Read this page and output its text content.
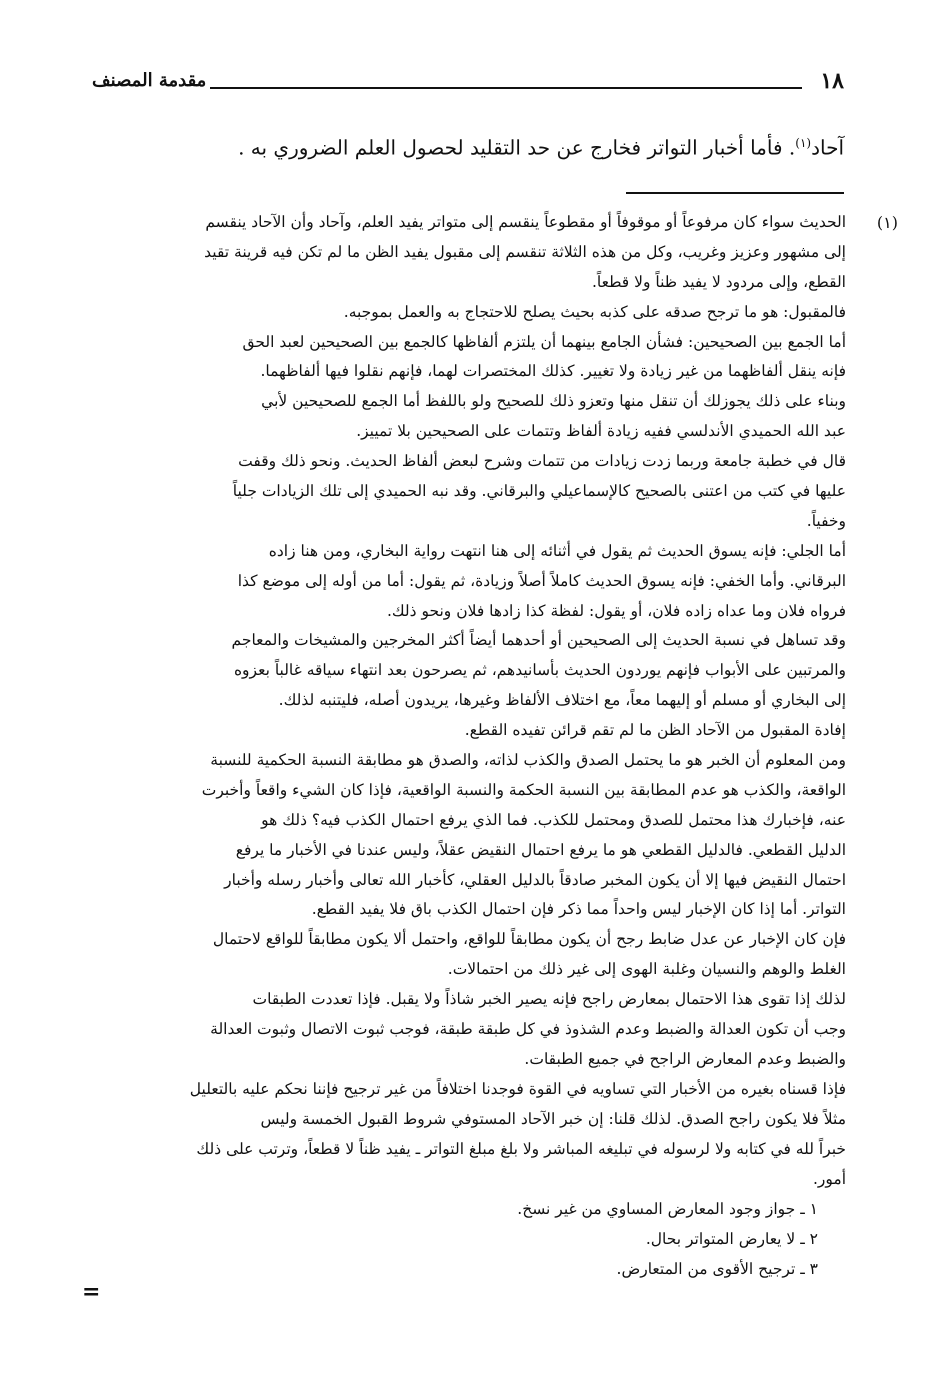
١٨
مقدمة المصنف
آحاد$^{(١)}$. فأما أخبار التواتر فخارج عن حد التقليد لحصول العلم الضروري به .
(١)
الحديث سواء كان مرفوعاً أو موقوفاً أو مقطوعاً ينقسم إلى متواتر يفيد العلم، وآحاد وأن الآحاد ينقسم
إلى مشهور وعزيز وغريب، وكل من هذه الثلاثة تنقسم إلى مقبول يفيد الظن ما لم تكن فيه قرينة تقيد
القطع، وإلى مردود لا يفيد ظناً ولا قطعاً.
فالمقبول: هو ما ترجح صدقه على كذبه بحيث يصلح للاحتجاج به والعمل بموجبه.
أما الجمع بين الصحيحين: فشأن الجامع بينهما أن يلتزم ألفاظها كالجمع بين الصحيحين لعبد الحق
فإنه ينقل ألفاظهما من غير زيادة ولا تغيير. كذلك المختصرات لهما، فإنهم نقلوا فيها ألفاظهما.
وبناء على ذلك يجوزلك أن تنقل منها وتعزو ذلك للصحيح ولو باللفظ أما الجمع للصحيحين لأبي
عبد الله الحميدي الأندلسي ففيه زيادة ألفاظ وتتمات على الصحيحين بلا تمييز.
قال في خطبة جامعة وربما زدت زيادات من تتمات وشرح لبعض ألفاظ الحديث. ونحو ذلك وقفت
عليها في كتب من اعتنى بالصحيح كالإسماعيلي والبرقاني. وقد نبه الحميدي إلى تلك الزيادات جلياً
وخفياً.
أما الجلي: فإنه يسوق الحديث ثم يقول في أثنائه إلى هنا انتهت رواية البخاري، ومن هنا زاده
البرقاني. وأما الخفي: فإنه يسوق الحديث كاملاً أصلاً وزيادة، ثم يقول: أما من أوله إلى موضع كذا
فرواه فلان وما عداه زاده فلان، أو يقول: لفظة كذا زادها فلان ونحو ذلك.
وقد تساهل في نسبة الحديث إلى الصحيحين أو أحدهما أيضاً أكثر المخرجين والمشيخات والمعاجم
والمرتبين على الأبواب فإنهم يوردون الحديث بأسانيدهم، ثم يصرحون بعد انتهاء سياقه غالباً بعزوه
إلى البخاري أو مسلم أو إليهما معاً، مع اختلاف الألفاظ وغيرها، يريدون أصله، فليتنبه لذلك.
إفادة المقبول من الآحاد الظن ما لم تقم قرائن تفيده القطع.
ومن المعلوم أن الخبر هو ما يحتمل الصدق والكذب لذاته، والصدق هو مطابقة النسبة الحكمية للنسبة
الواقعة، والكذب هو عدم المطابقة بين النسبة الحكمة والنسبة الواقعية، فإذا كان الشيء واقعاً وأخبرت
عنه، فإخبارك هذا محتمل للصدق ومحتمل للكذب. فما الذي يرفع احتمال الكذب فيه؟ ذلك هو
الدليل القطعي. فالدليل القطعي هو ما يرفع احتمال النقيض عقلاً، وليس عندنا في الأخبار ما يرفع
احتمال النقيض فيها إلا أن يكون المخبر صادقاً بالدليل العقلي، كأخبار الله تعالى وأخبار رسله وأخبار
التواتر. أما إذا كان الإخبار ليس واحداً مما ذكر فإن احتمال الكذب باق فلا يفيد القطع.
فإن كان الإخبار عن عدل ضابط رجح أن يكون مطابقاً للواقع، واحتمل ألا يكون مطابقاً للواقع لاحتمال
الغلط والوهم والنسيان وغلبة الهوى إلى غير ذلك من احتمالات.
لذلك إذا تقوى هذا الاحتمال بمعارض راجح فإنه يصير الخبر شاذاً ولا يقبل. فإذا تعددت الطبقات
وجب أن تكون العدالة والضبط وعدم الشذوذ في كل طبقة طبقة، فوجب ثبوت الاتصال وثبوت العدالة
والضبط وعدم المعارض الراجح في جميع الطبقات.
فإذا قسناه بغيره من الأخبار التي تساويه في القوة فوجدنا اختلافاً من غير ترجيح فإننا نحكم عليه بالتعليل
مثلاً فلا يكون راجح الصدق. لذلك قلنا: إن خبر الآحاد المستوفي شروط القبول الخمسة وليس
خبراً لله في كتابه ولا لرسوله في تبليغه المباشر ولا بلغ مبلغ التواتر ـ يفيد ظناً لا قطعاً، وترتب على ذلك
أمور.
١ ـ جواز وجود المعارض المساوي من غير نسخ.
٢ ـ لا يعارض المتواتر بحال.
٣ ـ ترجيح الأقوى من المتعارض.
=
